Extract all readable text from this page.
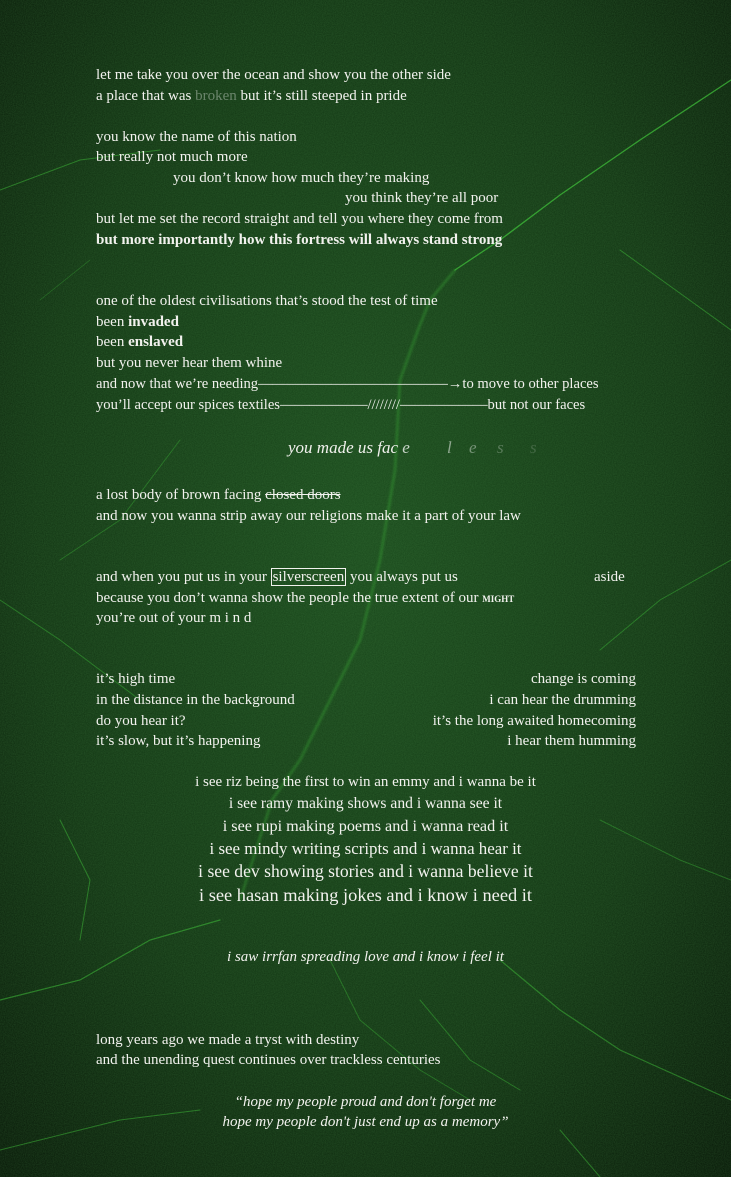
let me take you over the ocean and show you the other side
a place that was broken but it’s still steeped in pride
you know the name of this nation
but really not much more
you don’t know how much they’re making
you think they’re all poor
but let me set the record straight and tell you where they come from
but more importantly how this fortress will always stand strong
one of the oldest civilisations that’s stood the test of time
been invaded
been enslaved
but you never hear them whine
and now that we’re needing—————————————→to move to other places
you’ll accept our spices textiles——————////////——————but not our faces
you made us fac e l e s s
a lost body of brown facing closed doors
and now you wanna strip away our religions make it a part of your law
and when you put us in your silverscreen you always put us	aside
because you don’t wanna show the people the true extent of our might
you’re out of your m i n d
it’s high time
in the distance in the background
do you hear it?
it’s slow, but it’s happening
change is coming
i can hear the drumming
it’s the long awaited homecoming
i hear them humming
i see riz being the first to win an emmy and i wanna be it
i see ramy making shows and i wanna see it
i see rupi making poems and i wanna read it
i see mindy writing scripts and i wanna hear it
i see dev showing stories and i wanna believe it
i see hasan making jokes and i know i need it
i saw irrfan spreading love and i know i feel it
long years ago we made a tryst with destiny
and the unending quest continues over trackless centuries
“hope my people proud and don't forget me
hope my people don't just end up as a memory”
